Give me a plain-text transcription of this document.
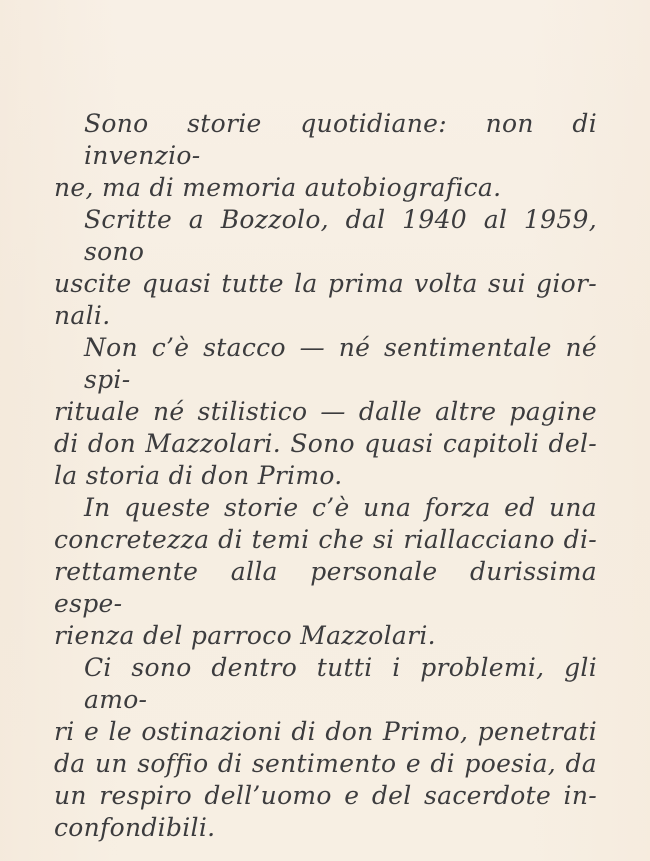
Sono storie quotidiane: non di invenzio-
ne, ma di memoria autobiografica.
Scritte a Bozzolo, dal 1940 al 1959, sono
uscite quasi tutte la prima volta sui gior-
nali.
Non c’è stacco — né sentimentale né spi-
rituale né stilistico — dalle altre pagine
di don Mazzolari. Sono quasi capitoli del-
la storia di don Primo.
In queste storie c’è una forza ed una
concretezza di temi che si riallacciano di-
rettamente alla personale durissima espe-
rienza del parroco Mazzolari.
Ci sono dentro tutti i problemi, gli amo-
ri e le ostinazioni di don Primo, penetrati
da un soffio di sentimento e di poesia, da
un respiro dell’uomo e del sacerdote in-
confondibili.
